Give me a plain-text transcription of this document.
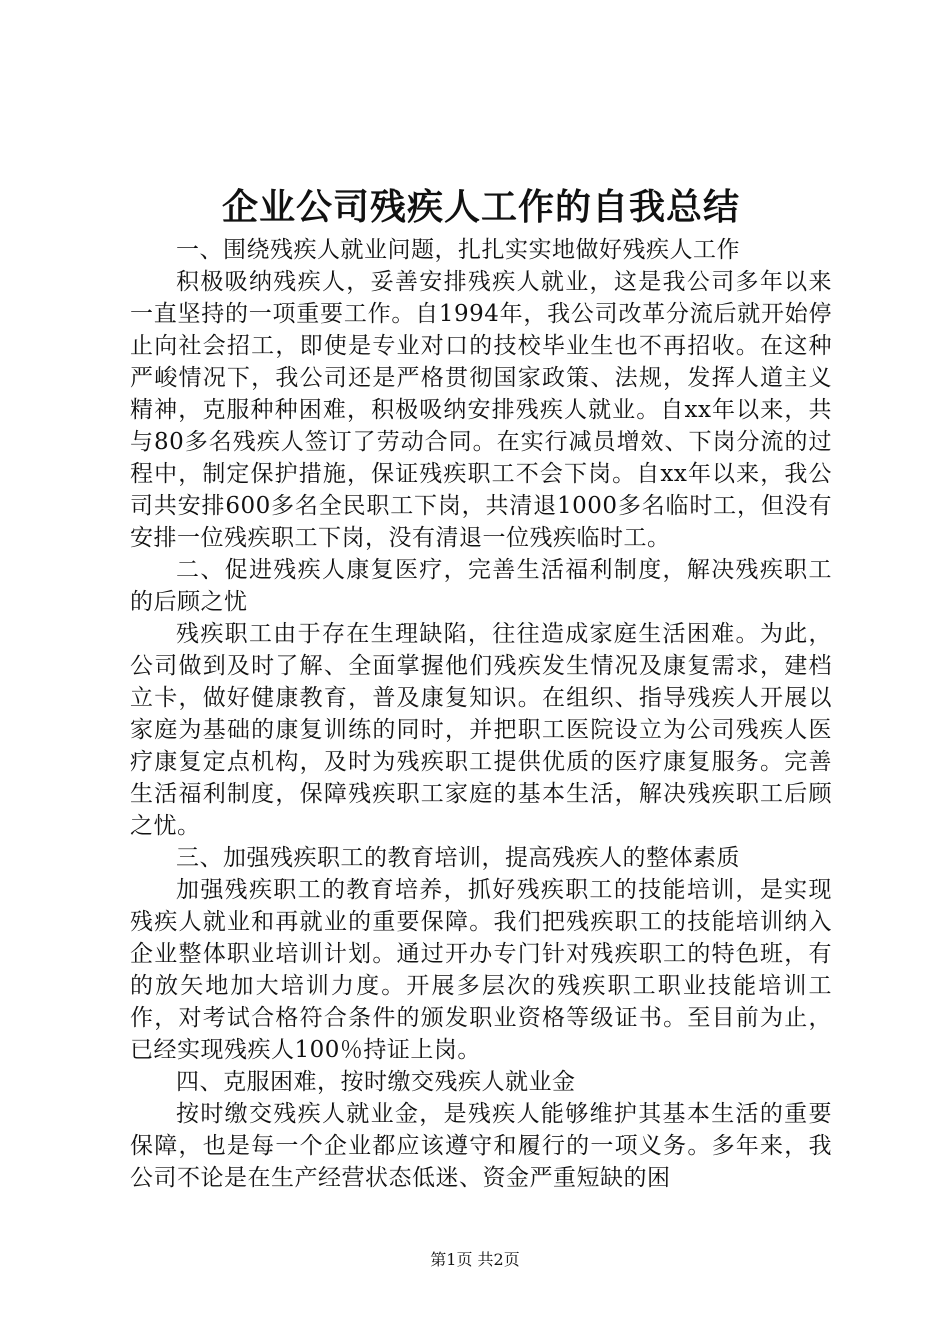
企业公司残疾人工作的自我总结

一、围绕残疾人就业问题，扎扎实实地做好残疾人工作

积极吸纳残疾人，妥善安排残疾人就业，这是我公司多年以来一直坚持的一项重要工作。自1994年，我公司改革分流后就开始停止向社会招工，即使是专业对口的技校毕业生也不再招收。在这种严峻情况下，我公司还是严格贯彻国家政策、法规，发挥人道主义精神，克服种种困难，积极吸纳安排残疾人就业。自xx年以来，共与80多名残疾人签订了劳动合同。在实行减员增效、下岗分流的过程中，制定保护措施，保证残疾职工不会下岗。自xx年以来，我公司共安排600多名全民职工下岗，共清退1000多名临时工，但没有安排一位残疾职工下岗，没有清退一位残疾临时工。

二、促进残疾人康复医疗，完善生活福利制度，解决残疾职工的后顾之忧

残疾职工由于存在生理缺陷，往往造成家庭生活困难。为此，公司做到及时了解、全面掌握他们残疾发生情况及康复需求，建档立卡，做好健康教育，普及康复知识。在组织、指导残疾人开展以家庭为基础的康复训练的同时，并把职工医院设立为公司残疾人医疗康复定点机构，及时为残疾职工提供优质的医疗康复服务。完善生活福利制度，保障残疾职工家庭的基本生活，解决残疾职工后顾之忧。

三、加强残疾职工的教育培训，提高残疾人的整体素质

加强残疾职工的教育培养，抓好残疾职工的技能培训，是实现残疾人就业和再就业的重要保障。我们把残疾职工的技能培训纳入企业整体职业培训计划。通过开办专门针对残疾职工的特色班，有的放矢地加大培训力度。开展多层次的残疾职工职业技能培训工作，对考试合格符合条件的颁发职业资格等级证书。至目前为止，已经实现残疾人100％持证上岗。

四、克服困难，按时缴交残疾人就业金

按时缴交残疾人就业金，是残疾人能够维护其基本生活的重要保障，也是每一个企业都应该遵守和履行的一项义务。多年来，我公司不论是在生产经营状态低迷、资金严重短缺的困

第1页 共2页
